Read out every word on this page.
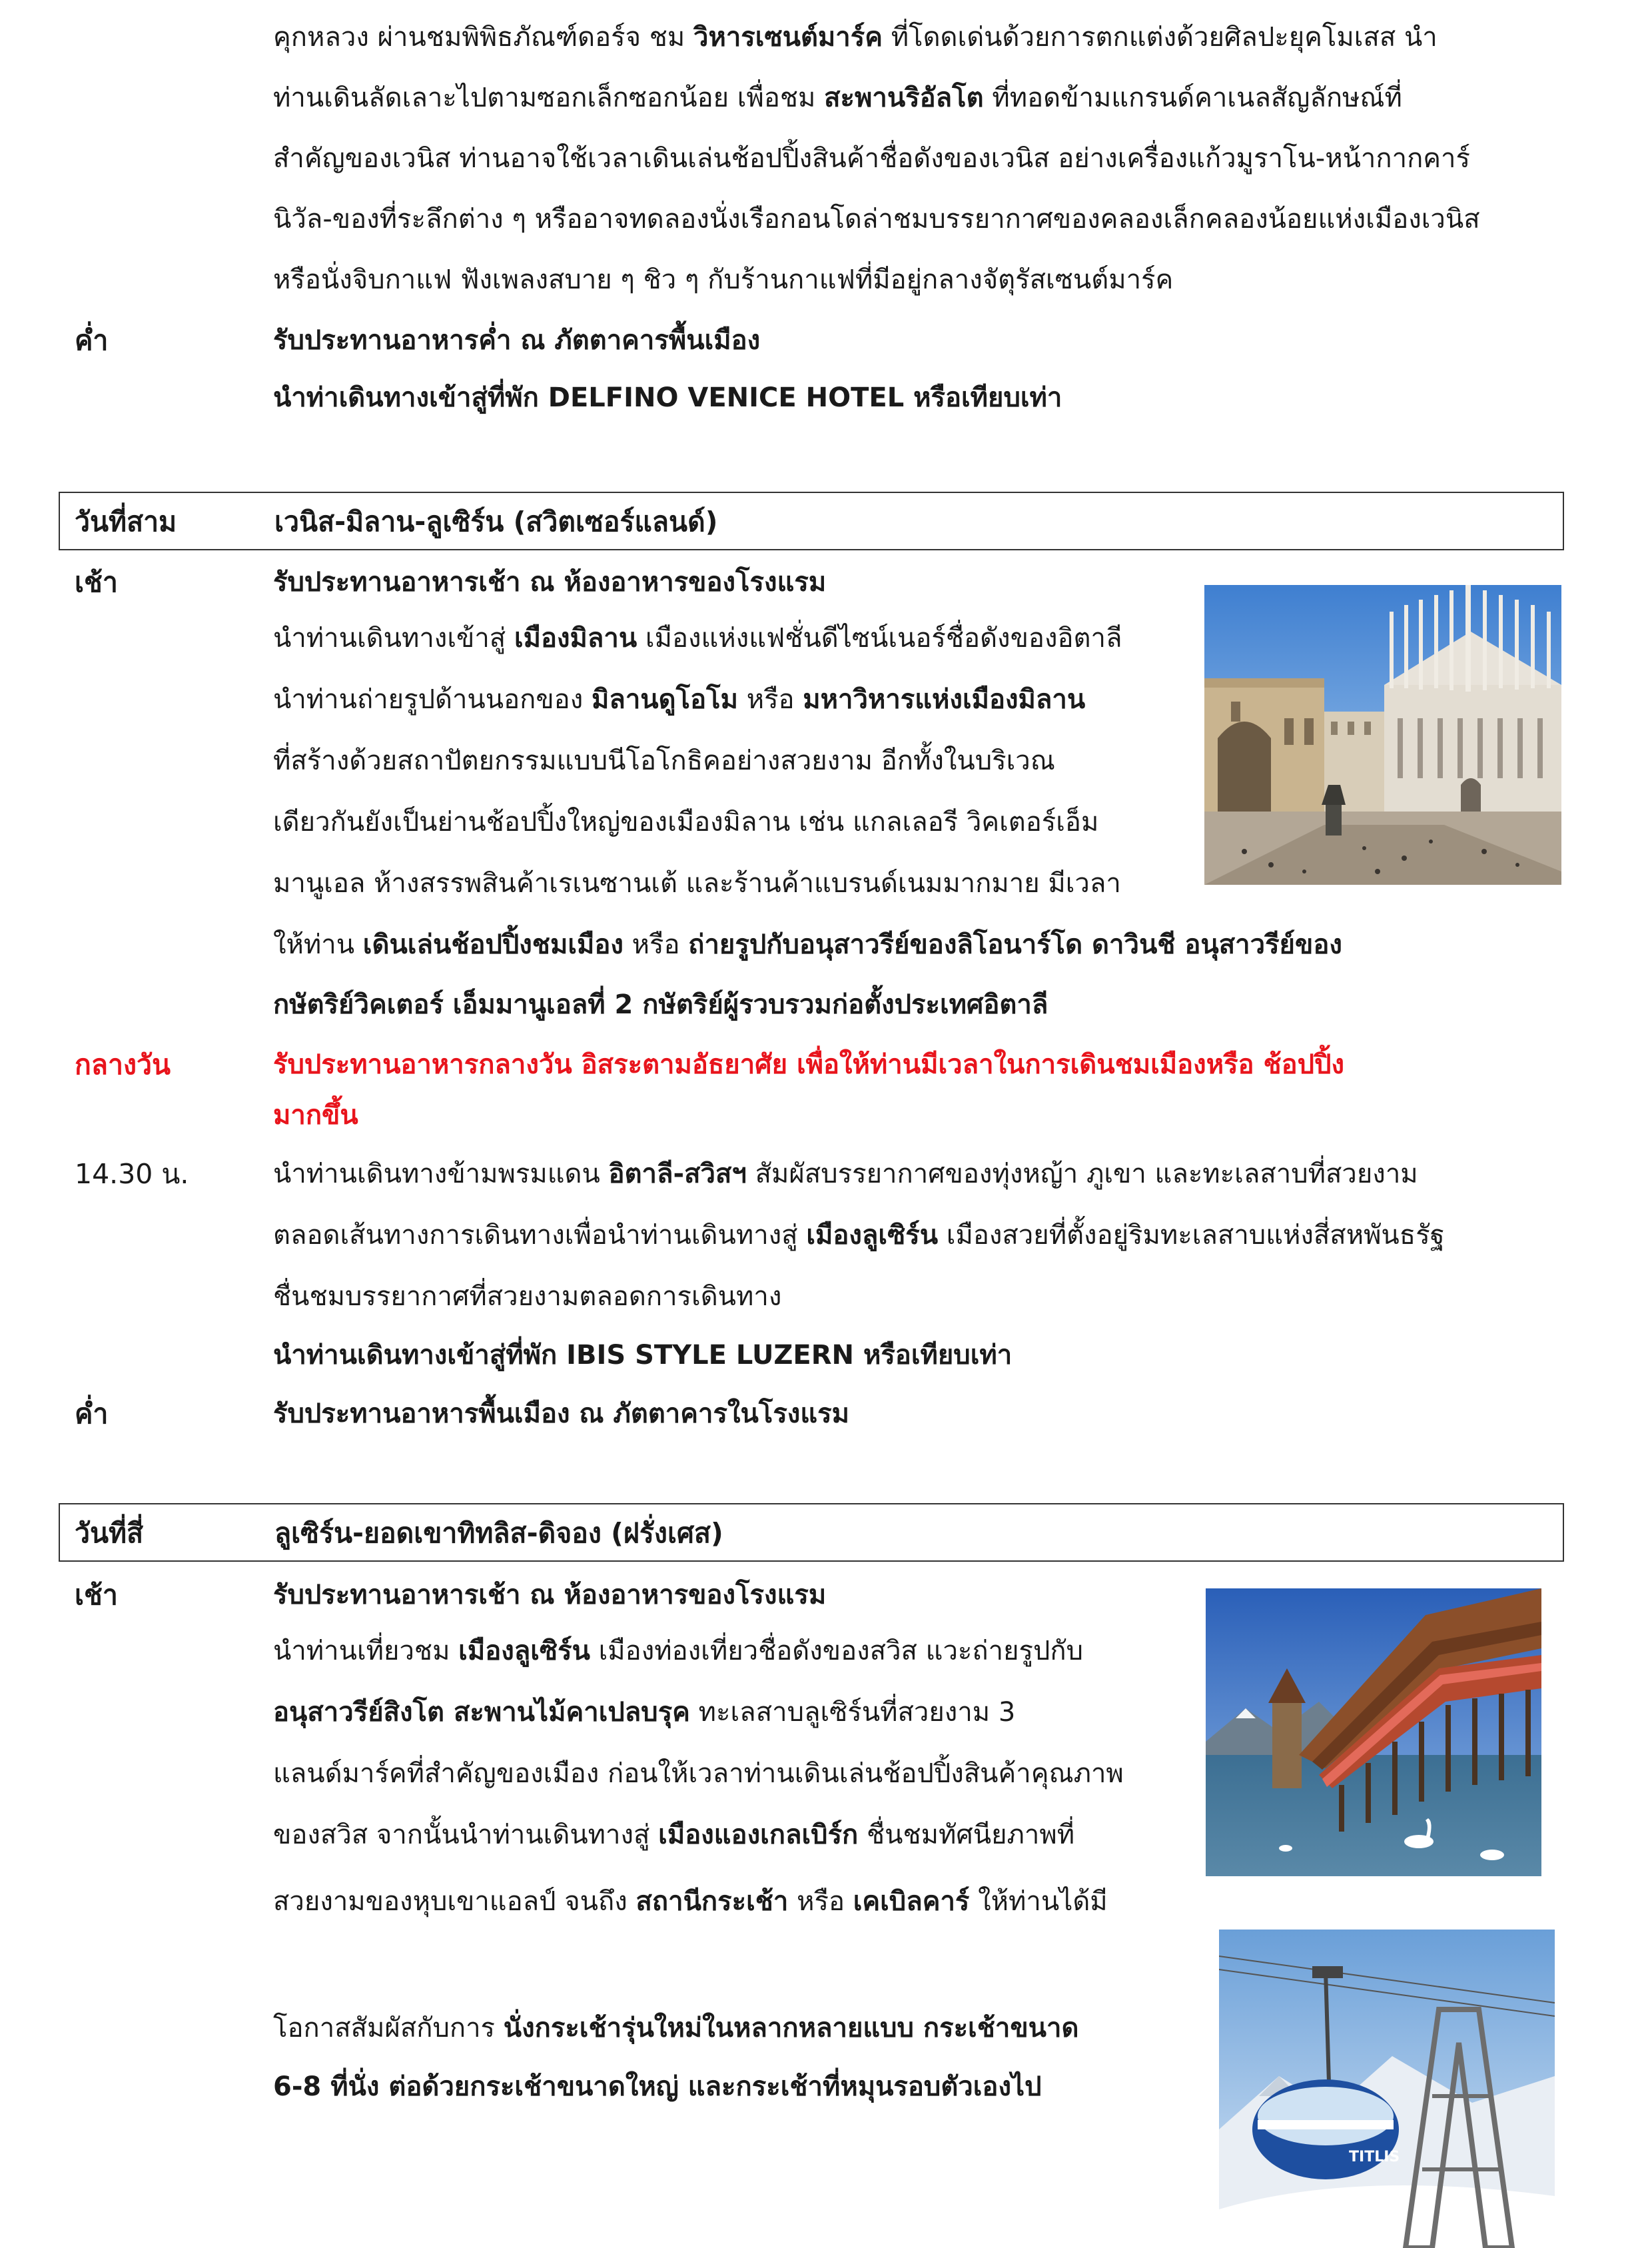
คุกหลวง ผ่านชมพิพิธภัณฑ์ดอร์จ ชม วิหารเซนต์มาร์ค ที่โดดเด่นด้วยการตกแต่งด้วยศิลปะยุคโมเสส นำ
ท่านเดินลัดเลาะไปตามซอกเล็กซอกน้อย เพื่อชม สะพานริอัลโต ที่ทอดข้ามแกรนด์คาเนลสัญลักษณ์ที่
สำคัญของเวนิส ท่านอาจใช้เวลาเดินเล่นช้อปปิ้งสินค้าชื่อดังของเวนิส อย่างเครื่องแก้วมูราโน-หน้ากากคาร์
นิวัล-ของที่ระลึกต่าง ๆ หรืออาจทดลองนั่งเรือกอนโดล่าชมบรรยากาศของคลองเล็กคลองน้อยแห่งเมืองเวนิส
หรือนั่งจิบกาแฟ ฟังเพลงสบาย ๆ ชิว ๆ กับร้านกาแฟที่มีอยู่กลางจัตุรัสเซนต์มาร์ค
ค่ำ	รับประทานอาหารค่ำ ณ ภัตตาคารพื้นเมือง
นำท่าเดินทางเข้าสู่ที่พัก DELFINO VENICE HOTEL หรือเทียบเท่า
วันที่สาม	เวนิส-มิลาน-ลูเซิร์น (สวิตเซอร์แลนด์)
เช้า	รับประทานอาหารเช้า ณ ห้องอาหารของโรงแรม
นำท่านเดินทางเข้าสู่ เมืองมิลาน เมืองแห่งแฟชั่นดีไซน์เนอร์ชื่อดังของอิตาลี
นำท่านถ่ายรูปด้านนอกของ มิลานดูโอโม หรือ มหาวิหารแห่งเมืองมิลาน
ที่สร้างด้วยสถาปัตยกรรมแบบนีโอโกธิคอย่างสวยงาม อีกทั้งในบริเวณ
เดียวกันยังเป็นย่านช้อปปิ้งใหญ่ของเมืองมิลาน เช่น แกลเลอรี วิคเตอร์เอ็ม
มานูเอล ห้างสรรพสินค้าเรเนซานเต้ และร้านค้าแบรนด์เนมมากมาย มีเวลา
ให้ท่าน เดินเล่นช้อปปิ้งชมเมือง หรือ ถ่ายรูปกับอนุสาวรีย์ของลิโอนาร์โด ดาวินชี อนุสาวรีย์ของ
กษัตริย์วิคเตอร์ เอ็มมานูเอลที่ 2 กษัตริย์ผู้รวบรวมก่อตั้งประเทศอิตาลี
กลางวัน	รับประทานอาหารกลางวัน อิสระตามอัธยาศัย เพื่อให้ท่านมีเวลาในการเดินชมเมืองหรือ ช้อปปิ้ง
มากขึ้น
14.30 น.	นำท่านเดินทางข้ามพรมแดน อิตาลี-สวิสฯ สัมผัสบรรยากาศของทุ่งหญ้า ภูเขา และทะเลสาบที่สวยงาม
ตลอดเส้นทางการเดินทางเพื่อนำท่านเดินทางสู่ เมืองลูเซิร์น เมืองสวยที่ตั้งอยู่ริมทะเลสาบแห่งสี่สหพันธรัฐ
ชื่นชมบรรยากาศที่สวยงามตลอดการเดินทาง
นำท่านเดินทางเข้าสู่ที่พัก IBIS STYLE LUZERN หรือเทียบเท่า
ค่ำ	รับประทานอาหารพื้นเมือง ณ ภัตตาคารในโรงแรม
วันที่สี่	ลูเซิร์น-ยอดเขาทิทลิส-ดิจอง (ฝรั่งเศส)
เช้า	รับประทานอาหารเช้า ณ ห้องอาหารของโรงแรม
นำท่านเที่ยวชม เมืองลูเซิร์น เมืองท่องเที่ยวชื่อดังของสวิส แวะถ่ายรูปกับ
อนุสาวรีย์สิงโต สะพานไม้คาเปลบรุค ทะเลสาบลูเซิร์นที่สวยงาม 3
แลนด์มาร์คที่สำคัญของเมือง ก่อนให้เวลาท่านเดินเล่นช้อปปิ้งสินค้าคุณภาพ
ของสวิส จากนั้นนำท่านเดินทางสู่ เมืองแองเกลเบิร์ก ชื่นชมทัศนียภาพที่
สวยงามของหุบเขาแอลป์ จนถึง สถานีกระเช้า หรือ เคเบิลคาร์ ให้ท่านได้มี
โอกาสสัมผัสกับการ นั่งกระเช้ารุ่นใหม่ในหลากหลายแบบ กระเช้าขนาด
6-8 ที่นั่ง ต่อด้วยกระเช้าขนาดใหญ่ และกระเช้าที่หมุนรอบตัวเองไป
TITLIS
